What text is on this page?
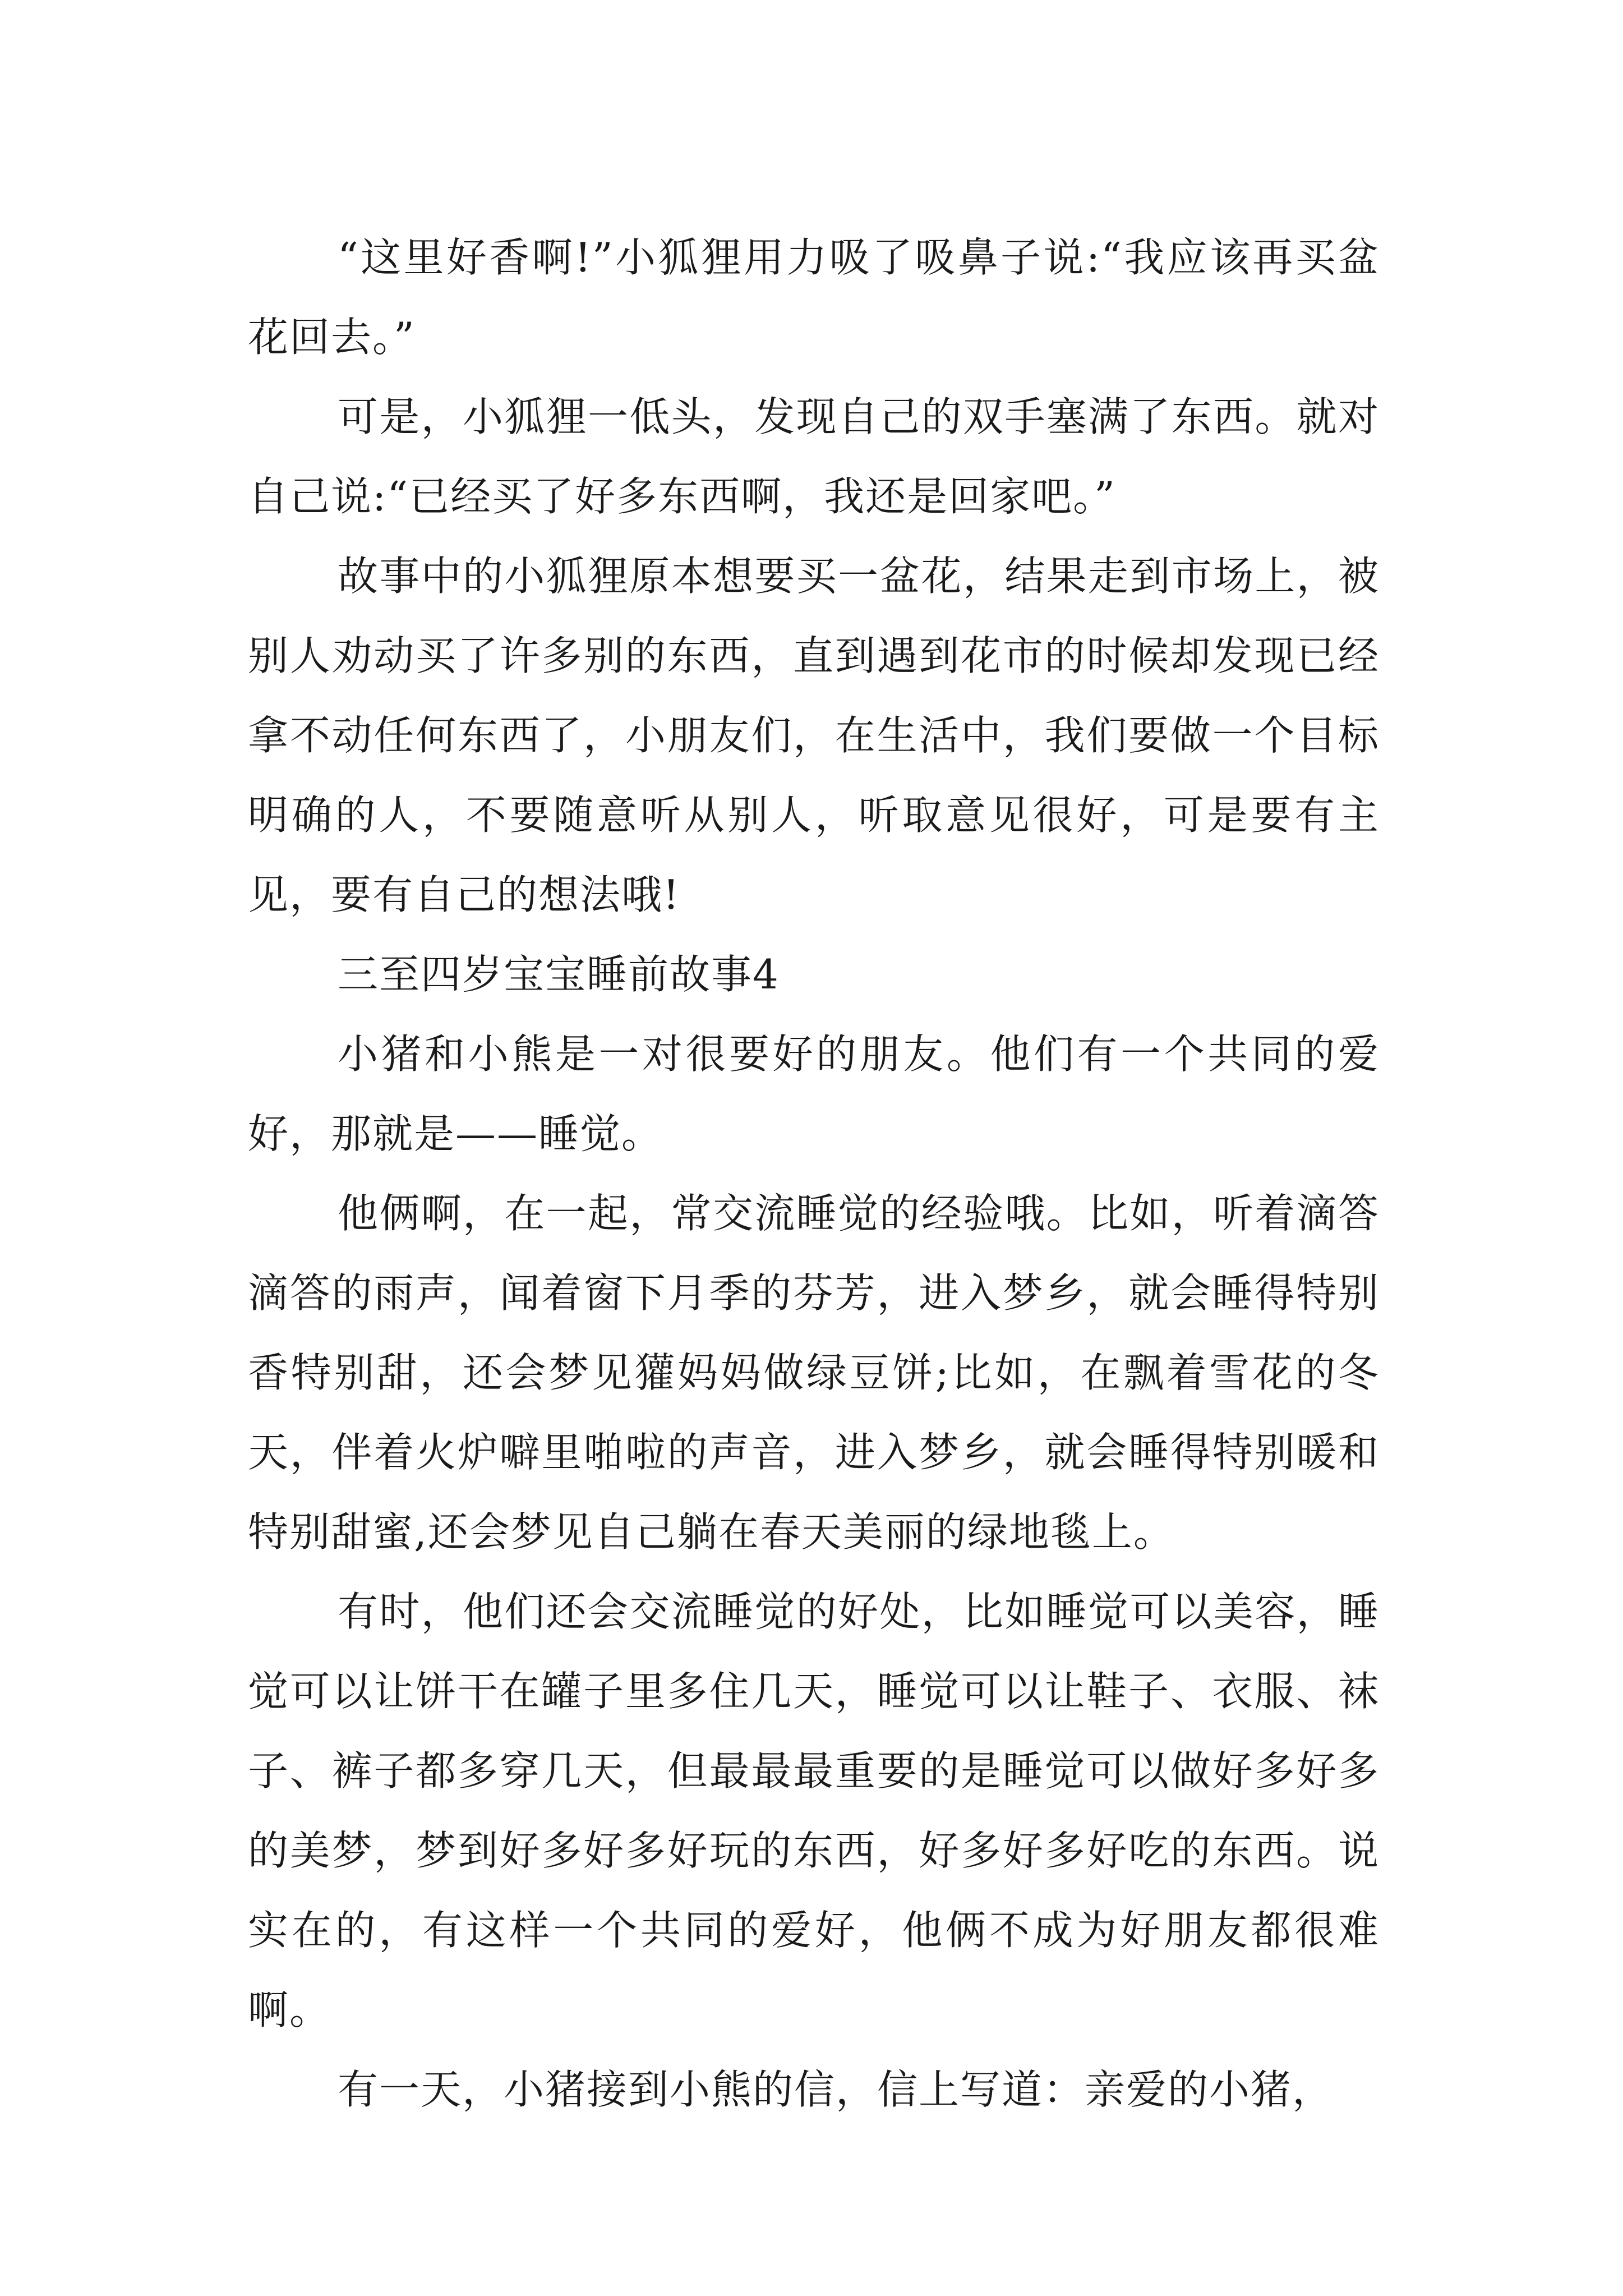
“这里好香啊!”小狐狸用力吸了吸鼻子说:“我应该再买盆花回去。”

可是，小狐狸一低头，发现自己的双手塞满了东西。就对自己说:“已经买了好多东西啊，我还是回家吧。”

故事中的小狐狸原本想要买一盆花，结果走到市场上，被别人劝动买了许多别的东西，直到遇到花市的时候却发现已经拿不动任何东西了，小朋友们，在生活中，我们要做一个目标明确的人，不要随意听从别人，听取意见很好，可是要有主见，要有自己的想法哦!

三至四岁宝宝睡前故事4

小猪和小熊是一对很要好的朋友。他们有一个共同的爱好，那就是——睡觉。

他俩啊，在一起，常交流睡觉的经验哦。比如，听着滴答滴答的雨声，闻着窗下月季的芬芳，进入梦乡，就会睡得特别香特别甜，还会梦见獾妈妈做绿豆饼;比如，在飘着雪花的冬天，伴着火炉噼里啪啦的声音，进入梦乡，就会睡得特别暖和特别甜蜜,还会梦见自己躺在春天美丽的绿地毯上。

有时，他们还会交流睡觉的好处，比如睡觉可以美容，睡觉可以让饼干在罐子里多住几天，睡觉可以让鞋子、衣服、袜子、裤子都多穿几天，但最最最重要的是睡觉可以做好多好多的美梦，梦到好多好多好玩的东西，好多好多好吃的东西。说实在的，有这样一个共同的爱好，他俩不成为好朋友都很难啊。

有一天，小猪接到小熊的信，信上写道：亲爱的小猪，
